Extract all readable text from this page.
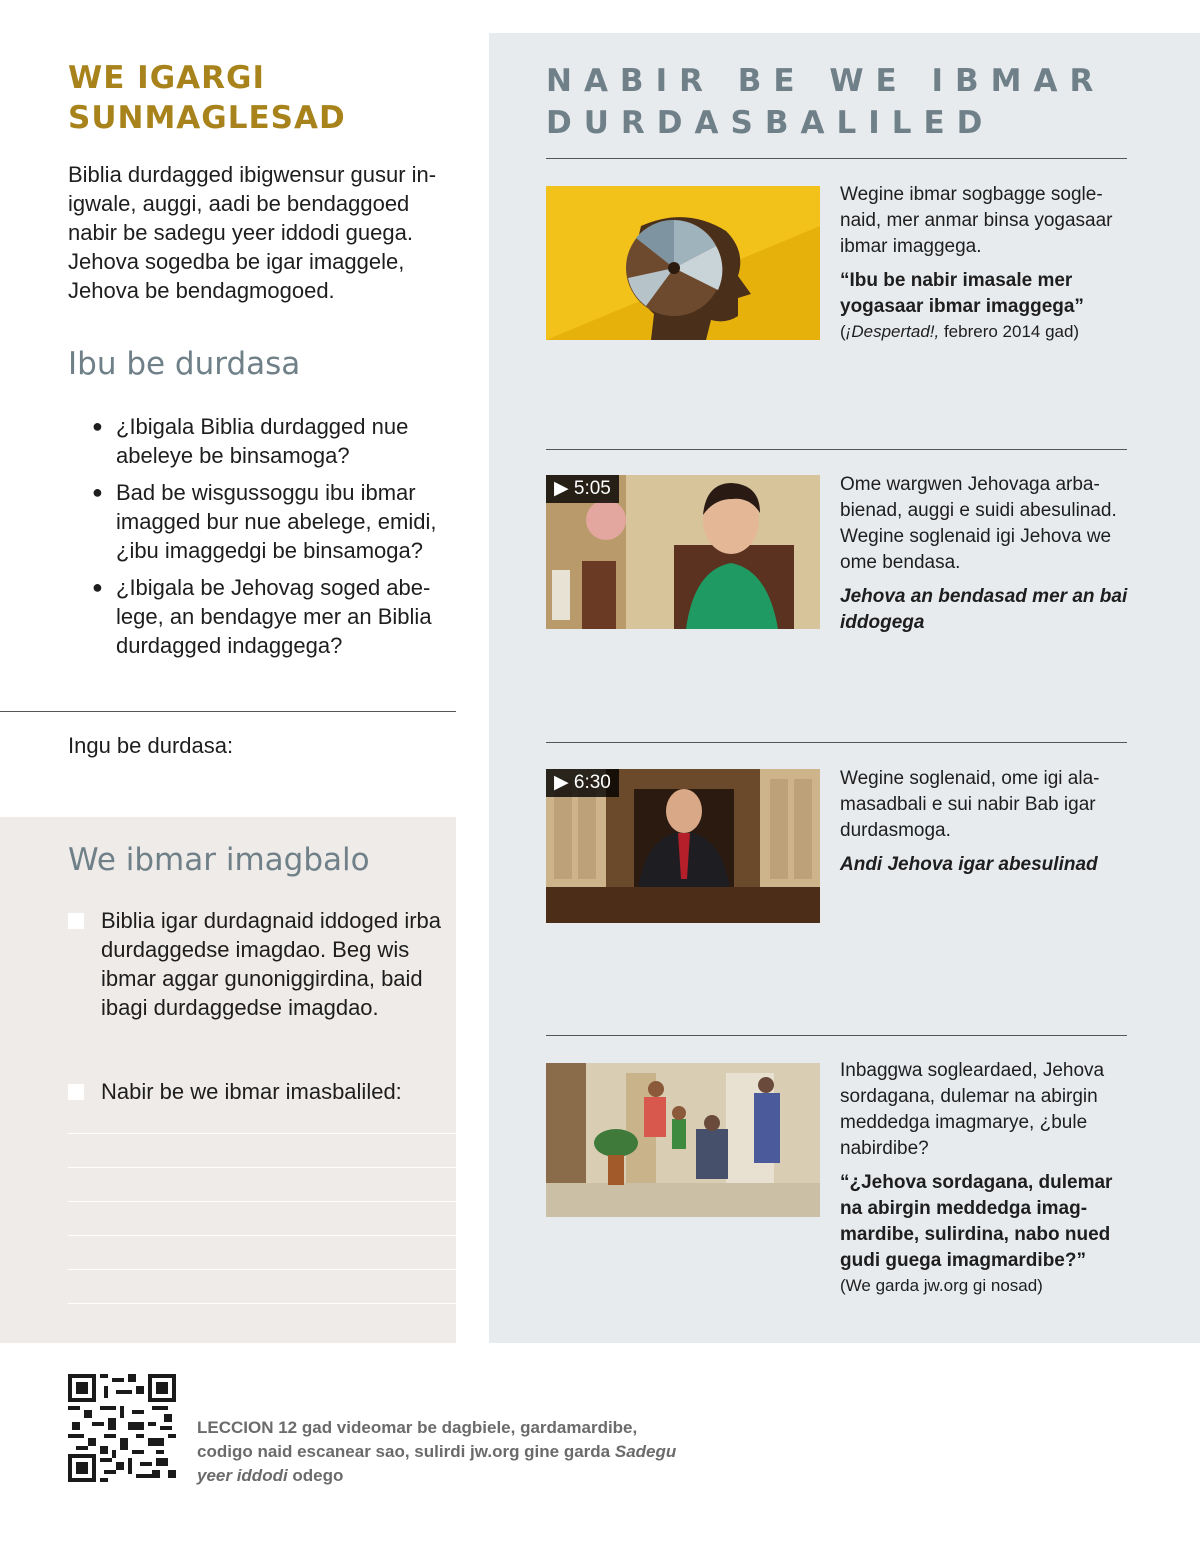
WE IGARGI SUNMAGLESAD
Biblia durdagged ibigwensur gusur inigwale, auggi, aadi be bendaggoed nabir be sadegu yeer iddodi guega. Jehova sogedba be igar imaggele, Jehova be bendagmogoed.
Ibu be durdasa
● ¿Ibigala Biblia durdagged nue abeleye be binsamoga?
● Bad be wisgussoggu ibu ibmar imagged bur nue abelege, emidi, ¿ibu imaggedgi be binsamoga?
● ¿Ibigala be Jehovag soged abelege, an bendagye mer an Biblia durdagged indaggega?
Ingu be durdasa:
We ibmar imagbalo
Biblia igar durdagnaid iddoged irba durdaggedse imagdao. Beg wis ibmar aggar gunoniggirdina, baid ibagi durdaggedse imagdao.
Nabir be we ibmar imasbaliled:
NABIR BE WE IBMAR DURDASBALILED
Wegine ibmar sogbagge soglenaid, mer anmar binsa yogasaar ibmar imaggega.
“Ibu be nabir imasale mer yogasaar ibmar imaggega”
(¡Despertad!, febrero 2014 gad)
▶ 5:05	Ome wargwen Jehovaga arbabienad, auggi e suidi abesulinad. Wegine soglenaid igi Jehova we ome bendasa.
Jehova an bendasad mer an bai iddogega
▶ 6:30	Wegine soglenaid, ome igi alamasadbali e sui nabir Bab igar durdasmoga.
Andi Jehova igar abesulinad
Inbaggwa sogleardaed, Jehova sordagana, dulemar na abirgin meddedga imagmarye, ¿bule nabirdibe?
“¿Jehova sordagana, dulemar na abirgin meddedga imagmardibe, sulirdina, nabo nued gudi guega imagmardibe?”
(We garda jw.org gi nosad)
LECCION 12 gad videomar be dagbiele, gardamardibe, codigo naid escanear sao, sulirdi jw.org gine garda Sadegu yeer iddodi odego
